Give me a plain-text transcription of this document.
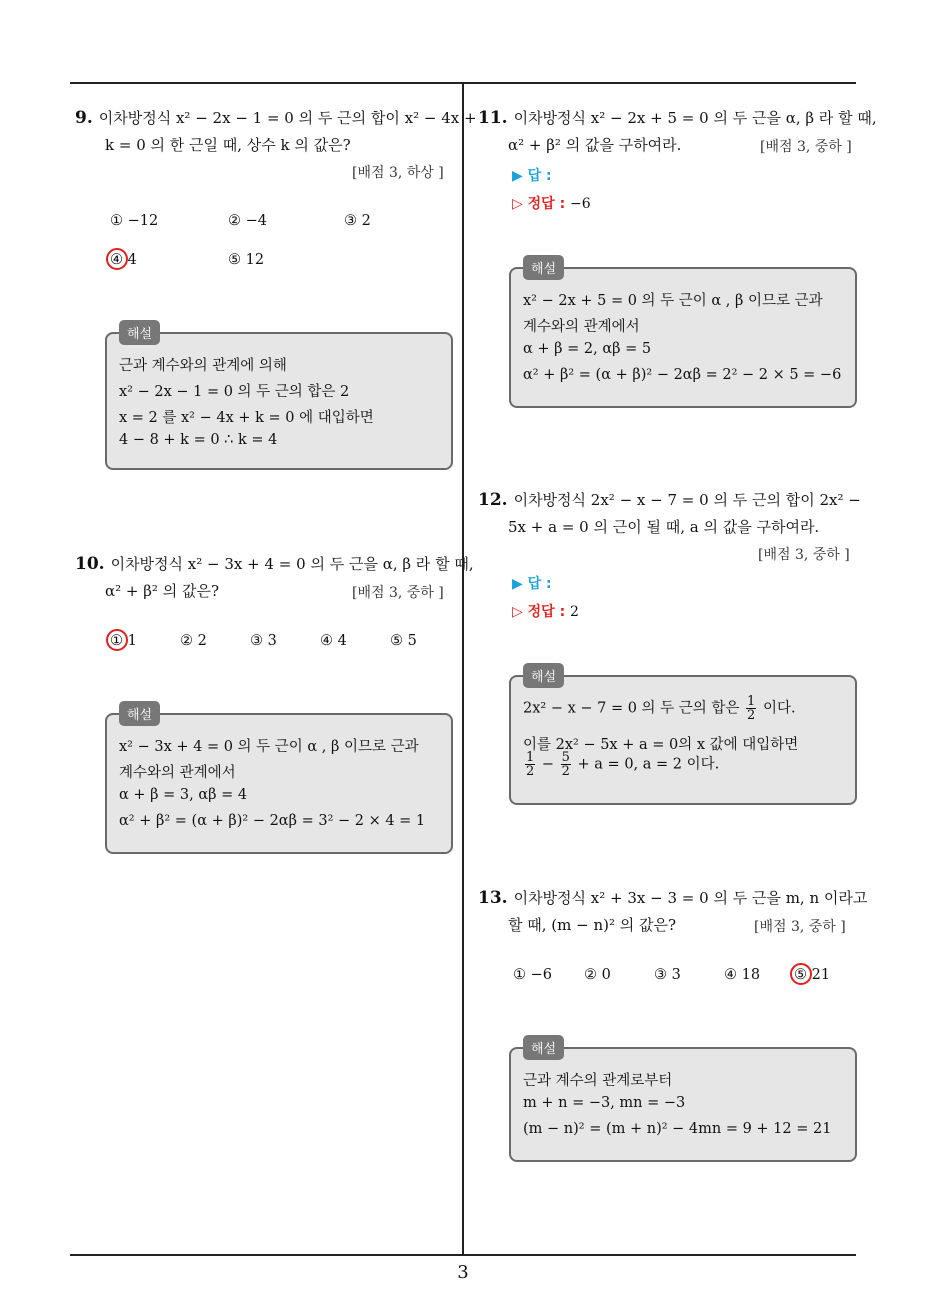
3
9. 이차방정식 x² − 2x − 1 = 0 의 두 근의 합이 x² − 4x +
k = 0 의 한 근일 때, 상수 k 의 값은?
[배점 3, 하상 ]
① −12	② −4	③ 2
④ 4	⑤ 12
해설
근과 계수와의 관계에 의해
x² − 2x − 1 = 0 의 두 근의 합은 2
x = 2 를 x² − 4x + k = 0 에 대입하면
4 − 8 + k = 0 ∴ k = 4
10. 이차방정식 x² − 3x + 4 = 0 의 두 근을 α, β 라 할 때,
α² + β² 의 값은?	[배점 3, 중하 ]
① 1	② 2	③ 3	④ 4	⑤ 5
해설
x² − 3x + 4 = 0 의 두 근이 α , β 이므로 근과
계수와의 관계에서
α + β = 3, αβ = 4
α² + β² = (α + β)² − 2αβ = 3² − 2 × 4 = 1
11. 이차방정식 x² − 2x + 5 = 0 의 두 근을 α, β 라 할 때,
α² + β² 의 값을 구하여라.	[배점 3, 중하 ]
▶ 답 :
▷ 정답 : −6
해설
x² − 2x + 5 = 0 의 두 근이 α , β 이므로 근과
계수와의 관계에서
α + β = 2, αβ = 5
α² + β² = (α + β)² − 2αβ = 2² − 2 × 5 = −6
12. 이차방정식 2x² − x − 7 = 0 의 두 근의 합이 2x² −
5x + a = 0 의 근이 될 때, a 의 값을 구하여라.
[배점 3, 중하 ]
▶ 답 :
▷ 정답 : 2
해설
2x² − x − 7 = 0 의 두 근의 합은 $\frac{1}{2}$ 이다.
이를 2x² − 5x + a = 0의 x 값에 대입하면
$\frac{1}{2} - \frac{5}{2} + a = 0$, a = 2 이다.
13. 이차방정식 x² + 3x − 3 = 0 의 두 근을 m, n 이라고
할 때, (m − n)² 의 값은?	[배점 3, 중하 ]
① −6 ② 0	③ 3	④ 18 ⑤ 21
해설
근과 계수의 관계로부터
m + n = −3, mn = −3
(m − n)² = (m + n)² − 4mn = 9 + 12 = 21
